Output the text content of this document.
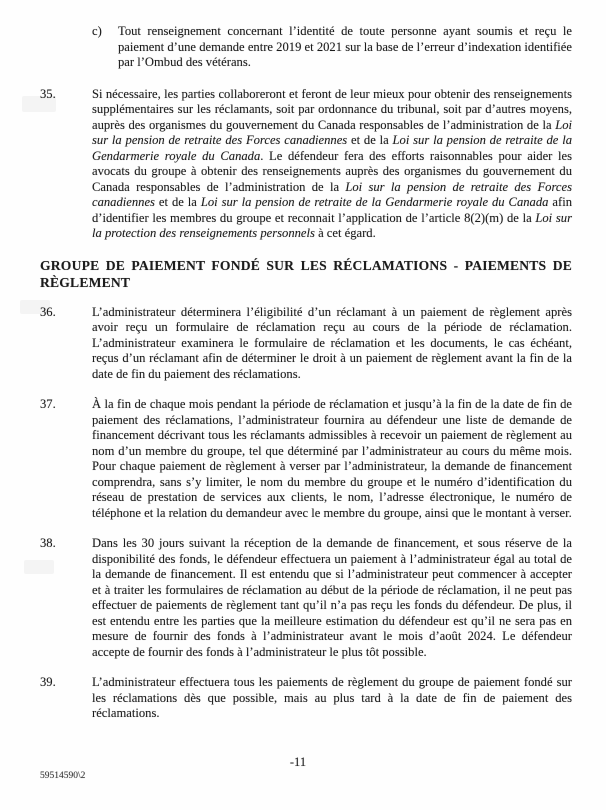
c)	Tout renseignement concernant l’identité de toute personne ayant soumis et reçu le paiement d’une demande entre 2019 et 2021 sur la base de l’erreur d’indexation identifiée par l’Ombud des vétérans.
35.	Si nécessaire, les parties collaboreront et feront de leur mieux pour obtenir des renseignements supplémentaires sur les réclamants, soit par ordonnance du tribunal, soit par d’autres moyens, auprès des organismes du gouvernement du Canada responsables de l’administration de la Loi sur la pension de retraite des Forces canadiennes et de la Loi sur la pension de retraite de la Gendarmerie royale du Canada. Le défendeur fera des efforts raisonnables pour aider les avocats du groupe à obtenir des renseignements auprès des organismes du gouvernement du Canada responsables de l’administration de la Loi sur la pension de retraite des Forces canadiennes et de la Loi sur la pension de retraite de la Gendarmerie royale du Canada afin d’identifier les membres du groupe et reconnait l’application de l’article 8(2)(m) de la Loi sur la protection des renseignements personnels à cet égard.
GROUPE DE PAIEMENT FONDÉ SUR LES RÉCLAMATIONS - PAIEMENTS DE RÈGLEMENT
36.	L’administrateur déterminera l’éligibilité d’un réclamant à un paiement de règlement après avoir reçu un formulaire de réclamation reçu au cours de la période de réclamation. L’administrateur examinera le formulaire de réclamation et les documents, le cas échéant, reçus d’un réclamant afin de déterminer le droit à un paiement de règlement avant la fin de la date de fin du paiement des réclamations.
37.	À la fin de chaque mois pendant la période de réclamation et jusqu’à la fin de la date de fin de paiement des réclamations, l’administrateur fournira au défendeur une liste de demande de financement décrivant tous les réclamants admissibles à recevoir un paiement de règlement au nom d’un membre du groupe, tel que déterminé par l’administrateur au cours du même mois. Pour chaque paiement de règlement à verser par l’administrateur, la demande de financement comprendra, sans s’y limiter, le nom du membre du groupe et le numéro d’identification du réseau de prestation de services aux clients, le nom, l’adresse électronique, le numéro de téléphone et la relation du demandeur avec le membre du groupe, ainsi que le montant à verser.
38.	Dans les 30 jours suivant la réception de la demande de financement, et sous réserve de la disponibilité des fonds, le défendeur effectuera un paiement à l’administrateur égal au total de la demande de financement. Il est entendu que si l’administrateur peut commencer à accepter et à traiter les formulaires de réclamation au début de la période de réclamation, il ne peut pas effectuer de paiements de règlement tant qu’il n’a pas reçu les fonds du défendeur. De plus, il est entendu entre les parties que la meilleure estimation du défendeur est qu’il ne sera pas en mesure de fournir des fonds à l’administrateur avant le mois d’août 2024. Le défendeur accepte de fournir des fonds à l’administrateur le plus tôt possible.
39.	L’administrateur effectuera tous les paiements de règlement du groupe de paiement fondé sur les réclamations dès que possible, mais au plus tard à la date de fin de paiement des réclamations.
-11
59514590\2
